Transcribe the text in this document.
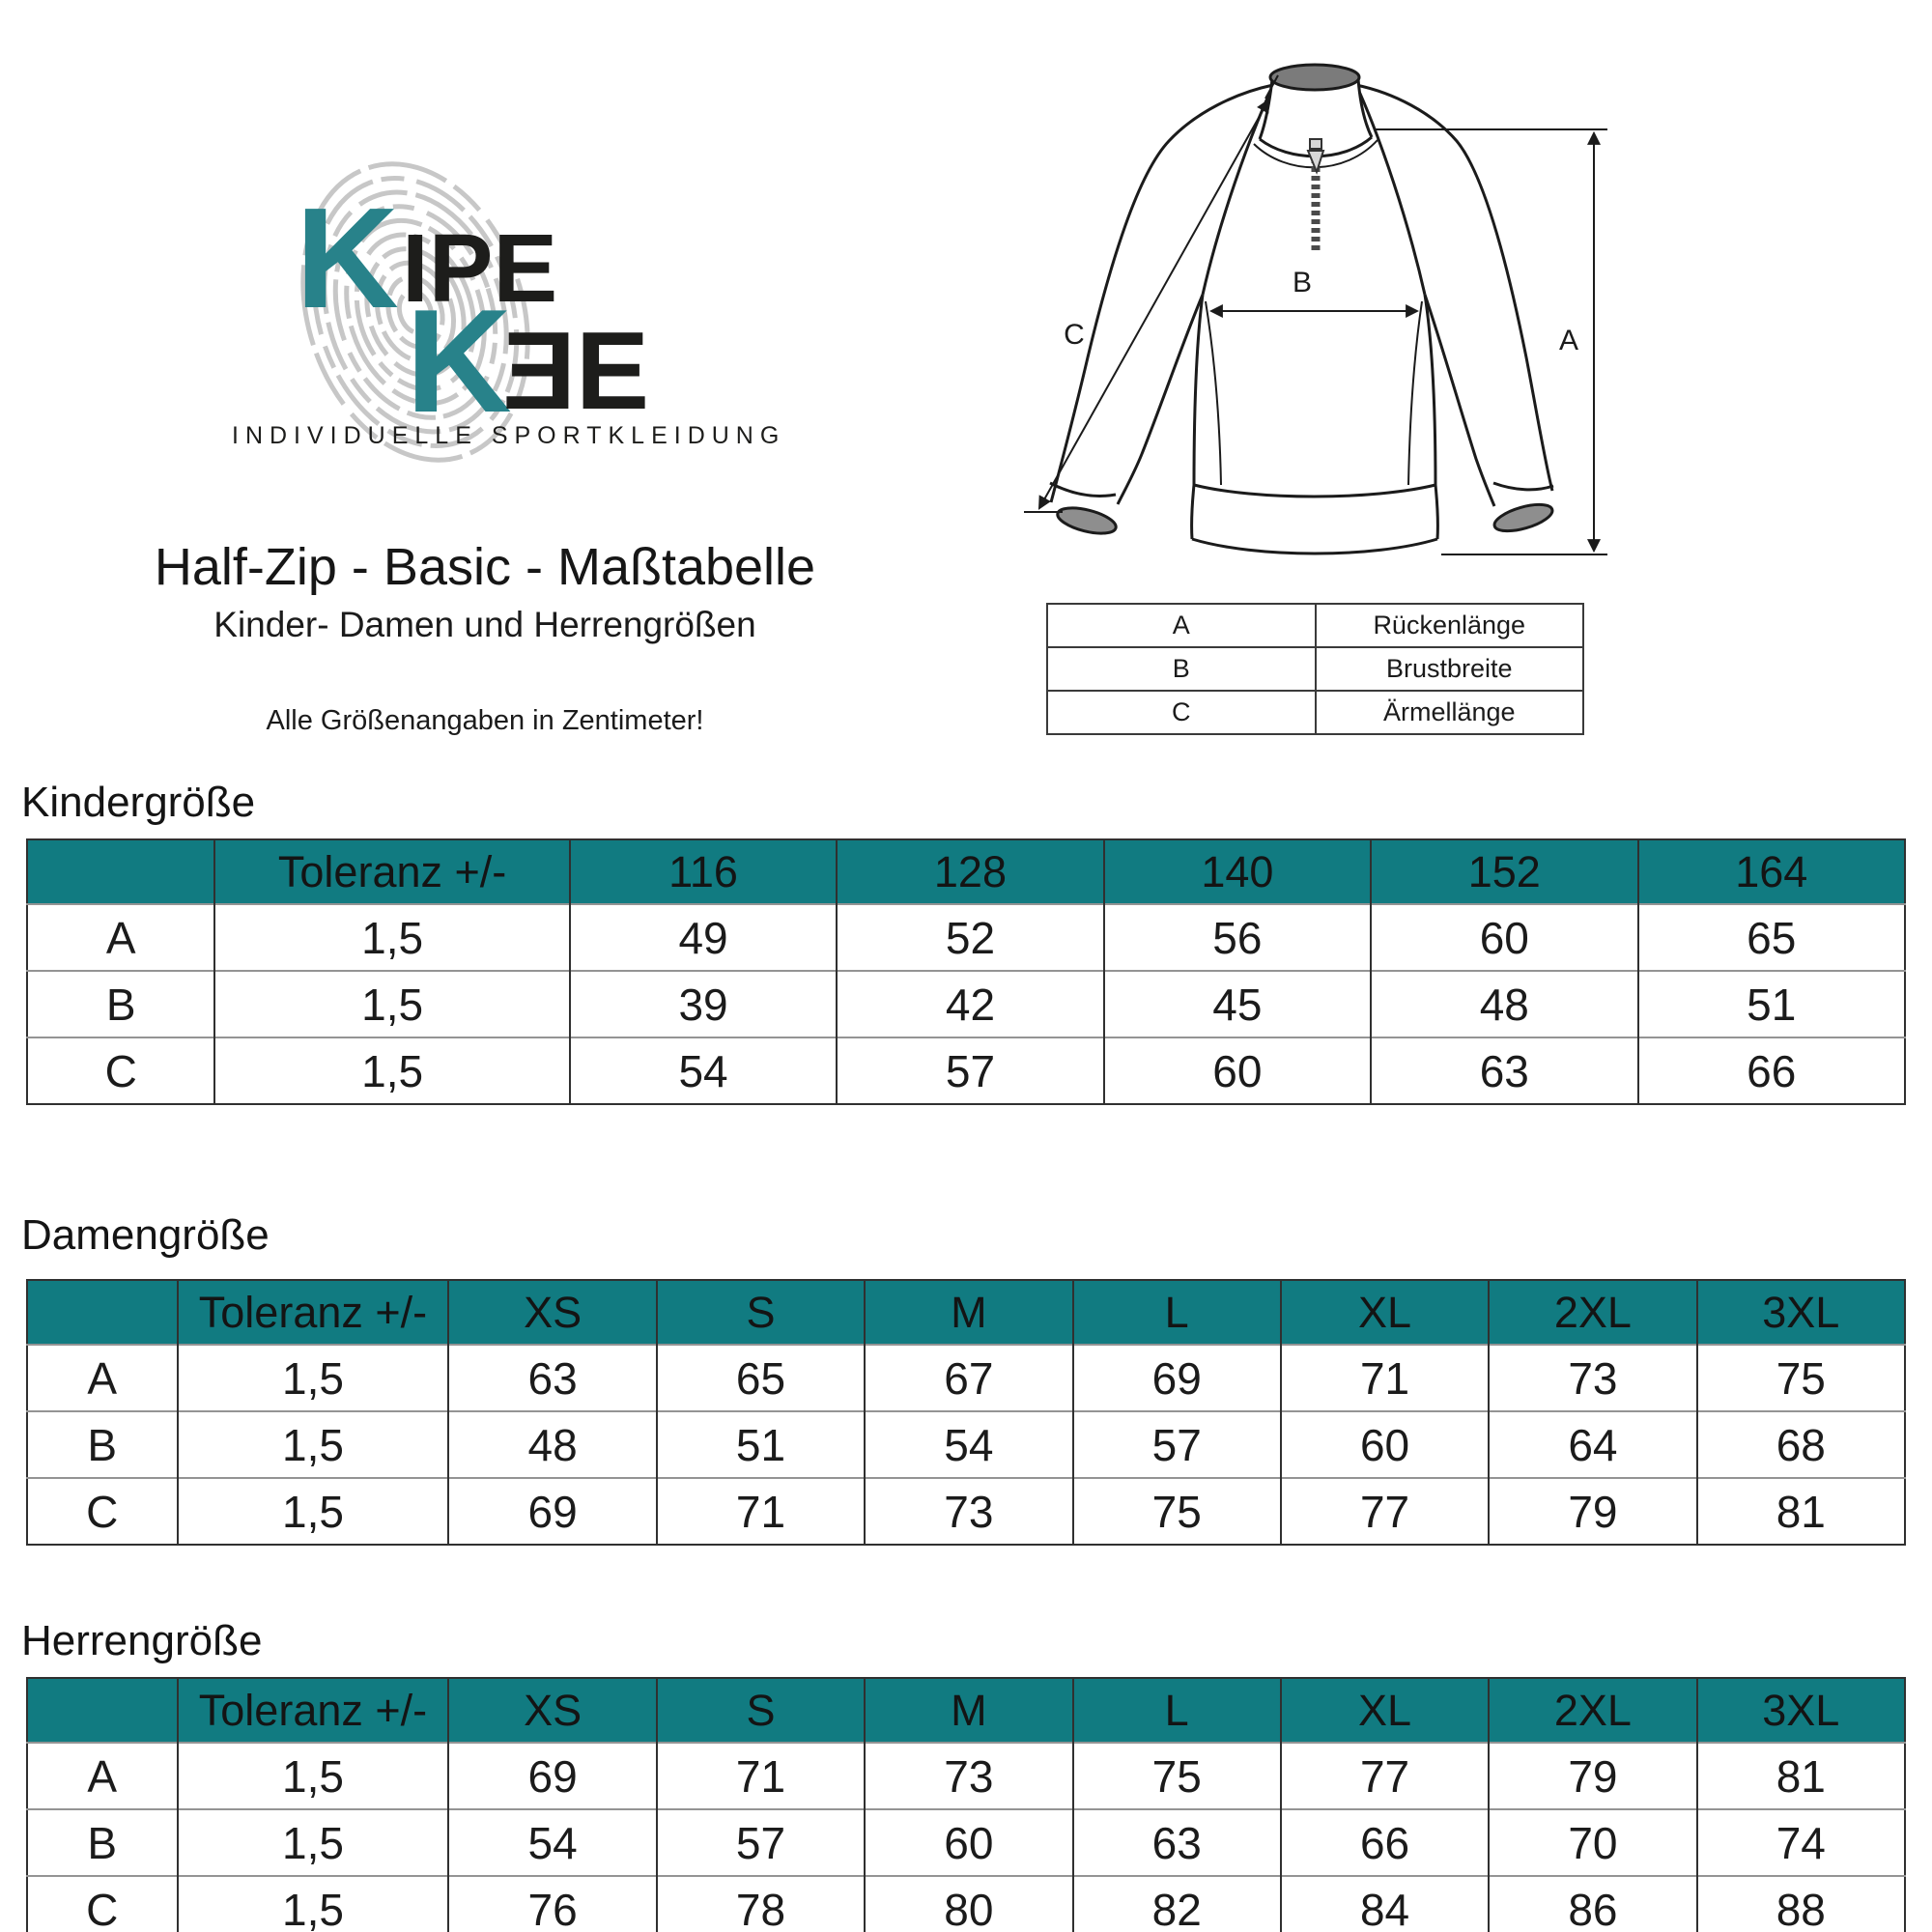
K IPE
K
EE
INDIVIDUELLE SPORTKLEIDUNG
Half-Zip - Basic - Maßtabelle
Kinder- Damen und Herrengrößen
Alle Größenangaben in Zentimeter!
B
A
C
A	Rückenlänge
B	Brustbreite
C	Ärmellänge
Kindergröße
	Toleranz +/-	116	128	140	152	164
A	1,5	49	52	56	60	65
B	1,5	39	42	45	48	51
C	1,5	54	57	60	63	66
Damengröße
	Toleranz +/-	XS	S	M	L	XL	2XL	3XL
A	1,5	63	65	67	69	71	73	75
B	1,5	48	51	54	57	60	64	68
C	1,5	69	71	73	75	77	79	81
Herrengröße
	Toleranz +/-	XS	S	M	L	XL	2XL	3XL
A	1,5	69	71	73	75	77	79	81
B	1,5	54	57	60	63	66	70	74
C	1,5	76	78	80	82	84	86	88
